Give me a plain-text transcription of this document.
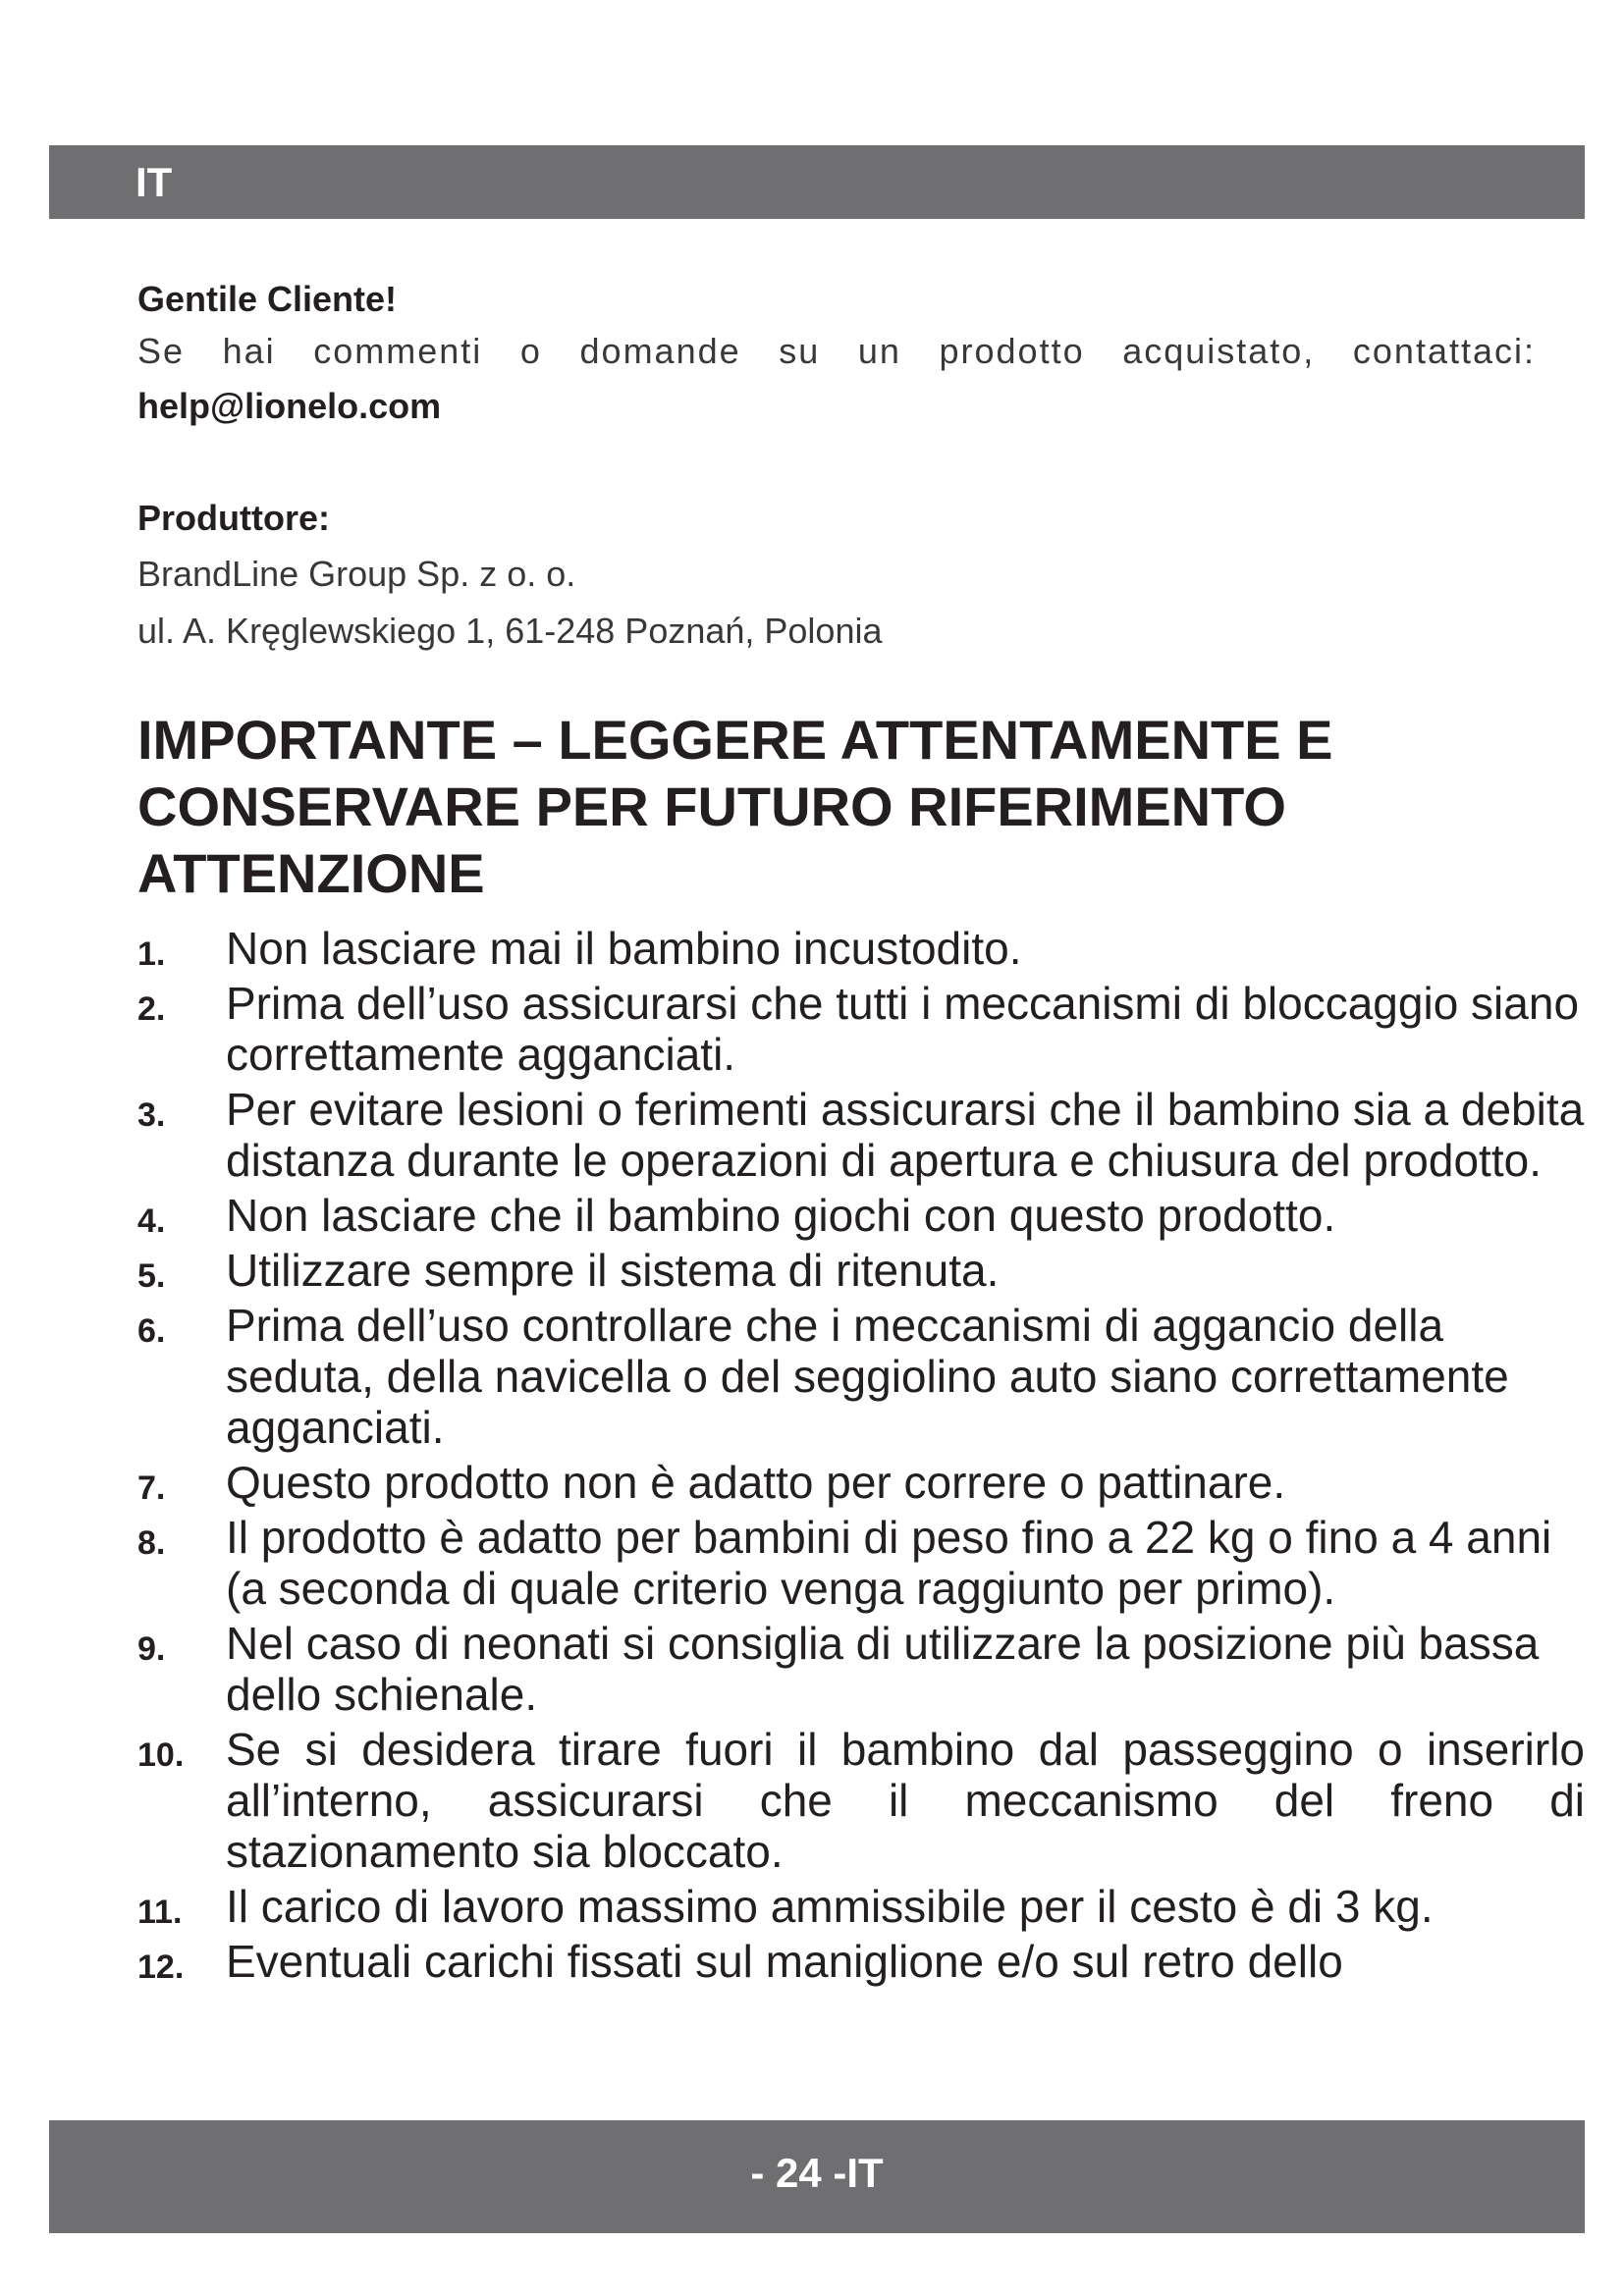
IT
Gentile Cliente!
Se hai commenti o domande su un prodotto acquistato, contattaci:
help@lionelo.com
Produttore:
BrandLine Group Sp. z o. o.
ul. A. Kręglewskiego 1, 61-248 Poznań, Polonia
IMPORTANTE – LEGGERE ATTENTAMENTE E
CONSERVARE PER FUTURO RIFERIMENTO
ATTENZIONE
1. Non lasciare mai il bambino incustodito.
2. Prima dell’uso assicurarsi che tutti i meccanismi di bloccaggio siano correttamente agganciati.
3. Per evitare lesioni o ferimenti assicurarsi che il bambino sia a debita distanza durante le operazioni di apertura e chiusura del prodotto.
4. Non lasciare che il bambino giochi con questo prodotto.
5. Utilizzare sempre il sistema di ritenuta.
6. Prima dell’uso controllare che i meccanismi di aggancio della seduta, della navicella o del seggiolino auto siano correttamente agganciati.
7. Questo prodotto non è adatto per correre o pattinare.
8. Il prodotto è adatto per bambini di peso fino a 22 kg o fino a 4 anni (a seconda di quale criterio venga raggiunto per primo).
9. Nel caso di neonati si consiglia di utilizzare la posizione più bassa dello schienale.
10. Se si desidera tirare fuori il bambino dal passeggino o inserirlo all’interno, assicurarsi che il meccanismo del freno di stazionamento sia bloccato.
11. Il carico di lavoro massimo ammissibile per il cesto è di 3 kg.
12. Eventuali carichi fissati sul maniglione e/o sul retro dello
- 24 -IT
